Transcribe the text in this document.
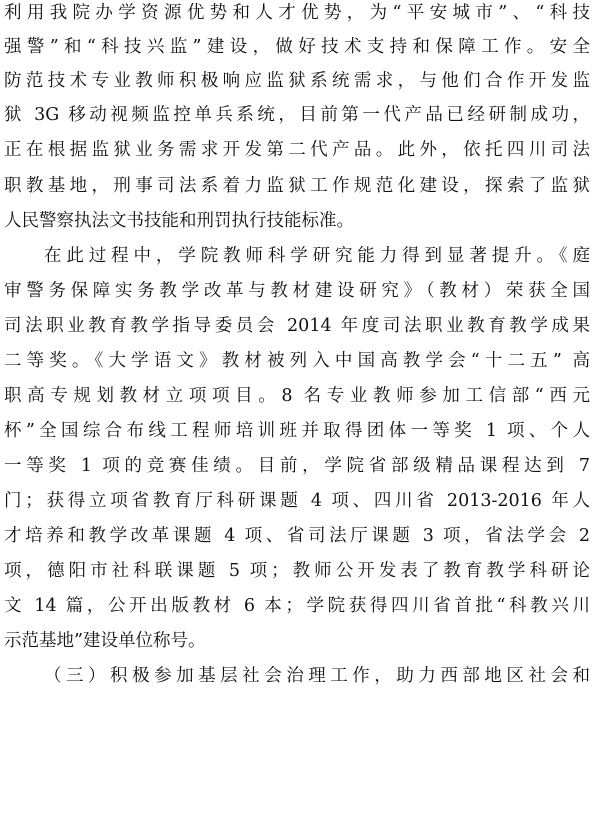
利用我院办学资源优势和人才优势，为“平安城市”、“科技
强警”和“科技兴监”建设，做好技术支持和保障工作。安全
防范技术专业教师积极响应监狱系统需求，与他们合作开发监
狱 3G 移动视频监控单兵系统，目前第一代产品已经研制成功，
正在根据监狱业务需求开发第二代产品。此外，依托四川司法
职教基地，刑事司法系着力监狱工作规范化建设，探索了监狱
人民警察执法文书技能和刑罚执行技能标准。
在此过程中，学院教师科学研究能力得到显著提升。《庭
审警务保障实务教学改革与教材建设研究》（教材）荣获全国
司法职业教育教学指导委员会 2014 年度司法职业教育教学成果
二等奖。《大学语文》教材被列入中国高教学会“十二五” 高
职高专规划教材立项项目。8 名专业教师参加工信部“西元
杯”全国综合布线工程师培训班并取得团体一等奖 1 项、个人
一等奖 1 项的竞赛佳绩。目前，学院省部级精品课程达到 7
门；获得立项省教育厅科研课题 4 项、四川省 2013-2016 年人
才培养和教学改革课题 4 项、省司法厅课题 3 项，省法学会 2
项，德阳市社科联课题 5 项；教师公开发表了教育教学科研论
文 14 篇，公开出版教材 6 本；学院获得四川省首批“科教兴川
示范基地”建设单位称号。
（三）积极参加基层社会治理工作，助力西部地区社会和
